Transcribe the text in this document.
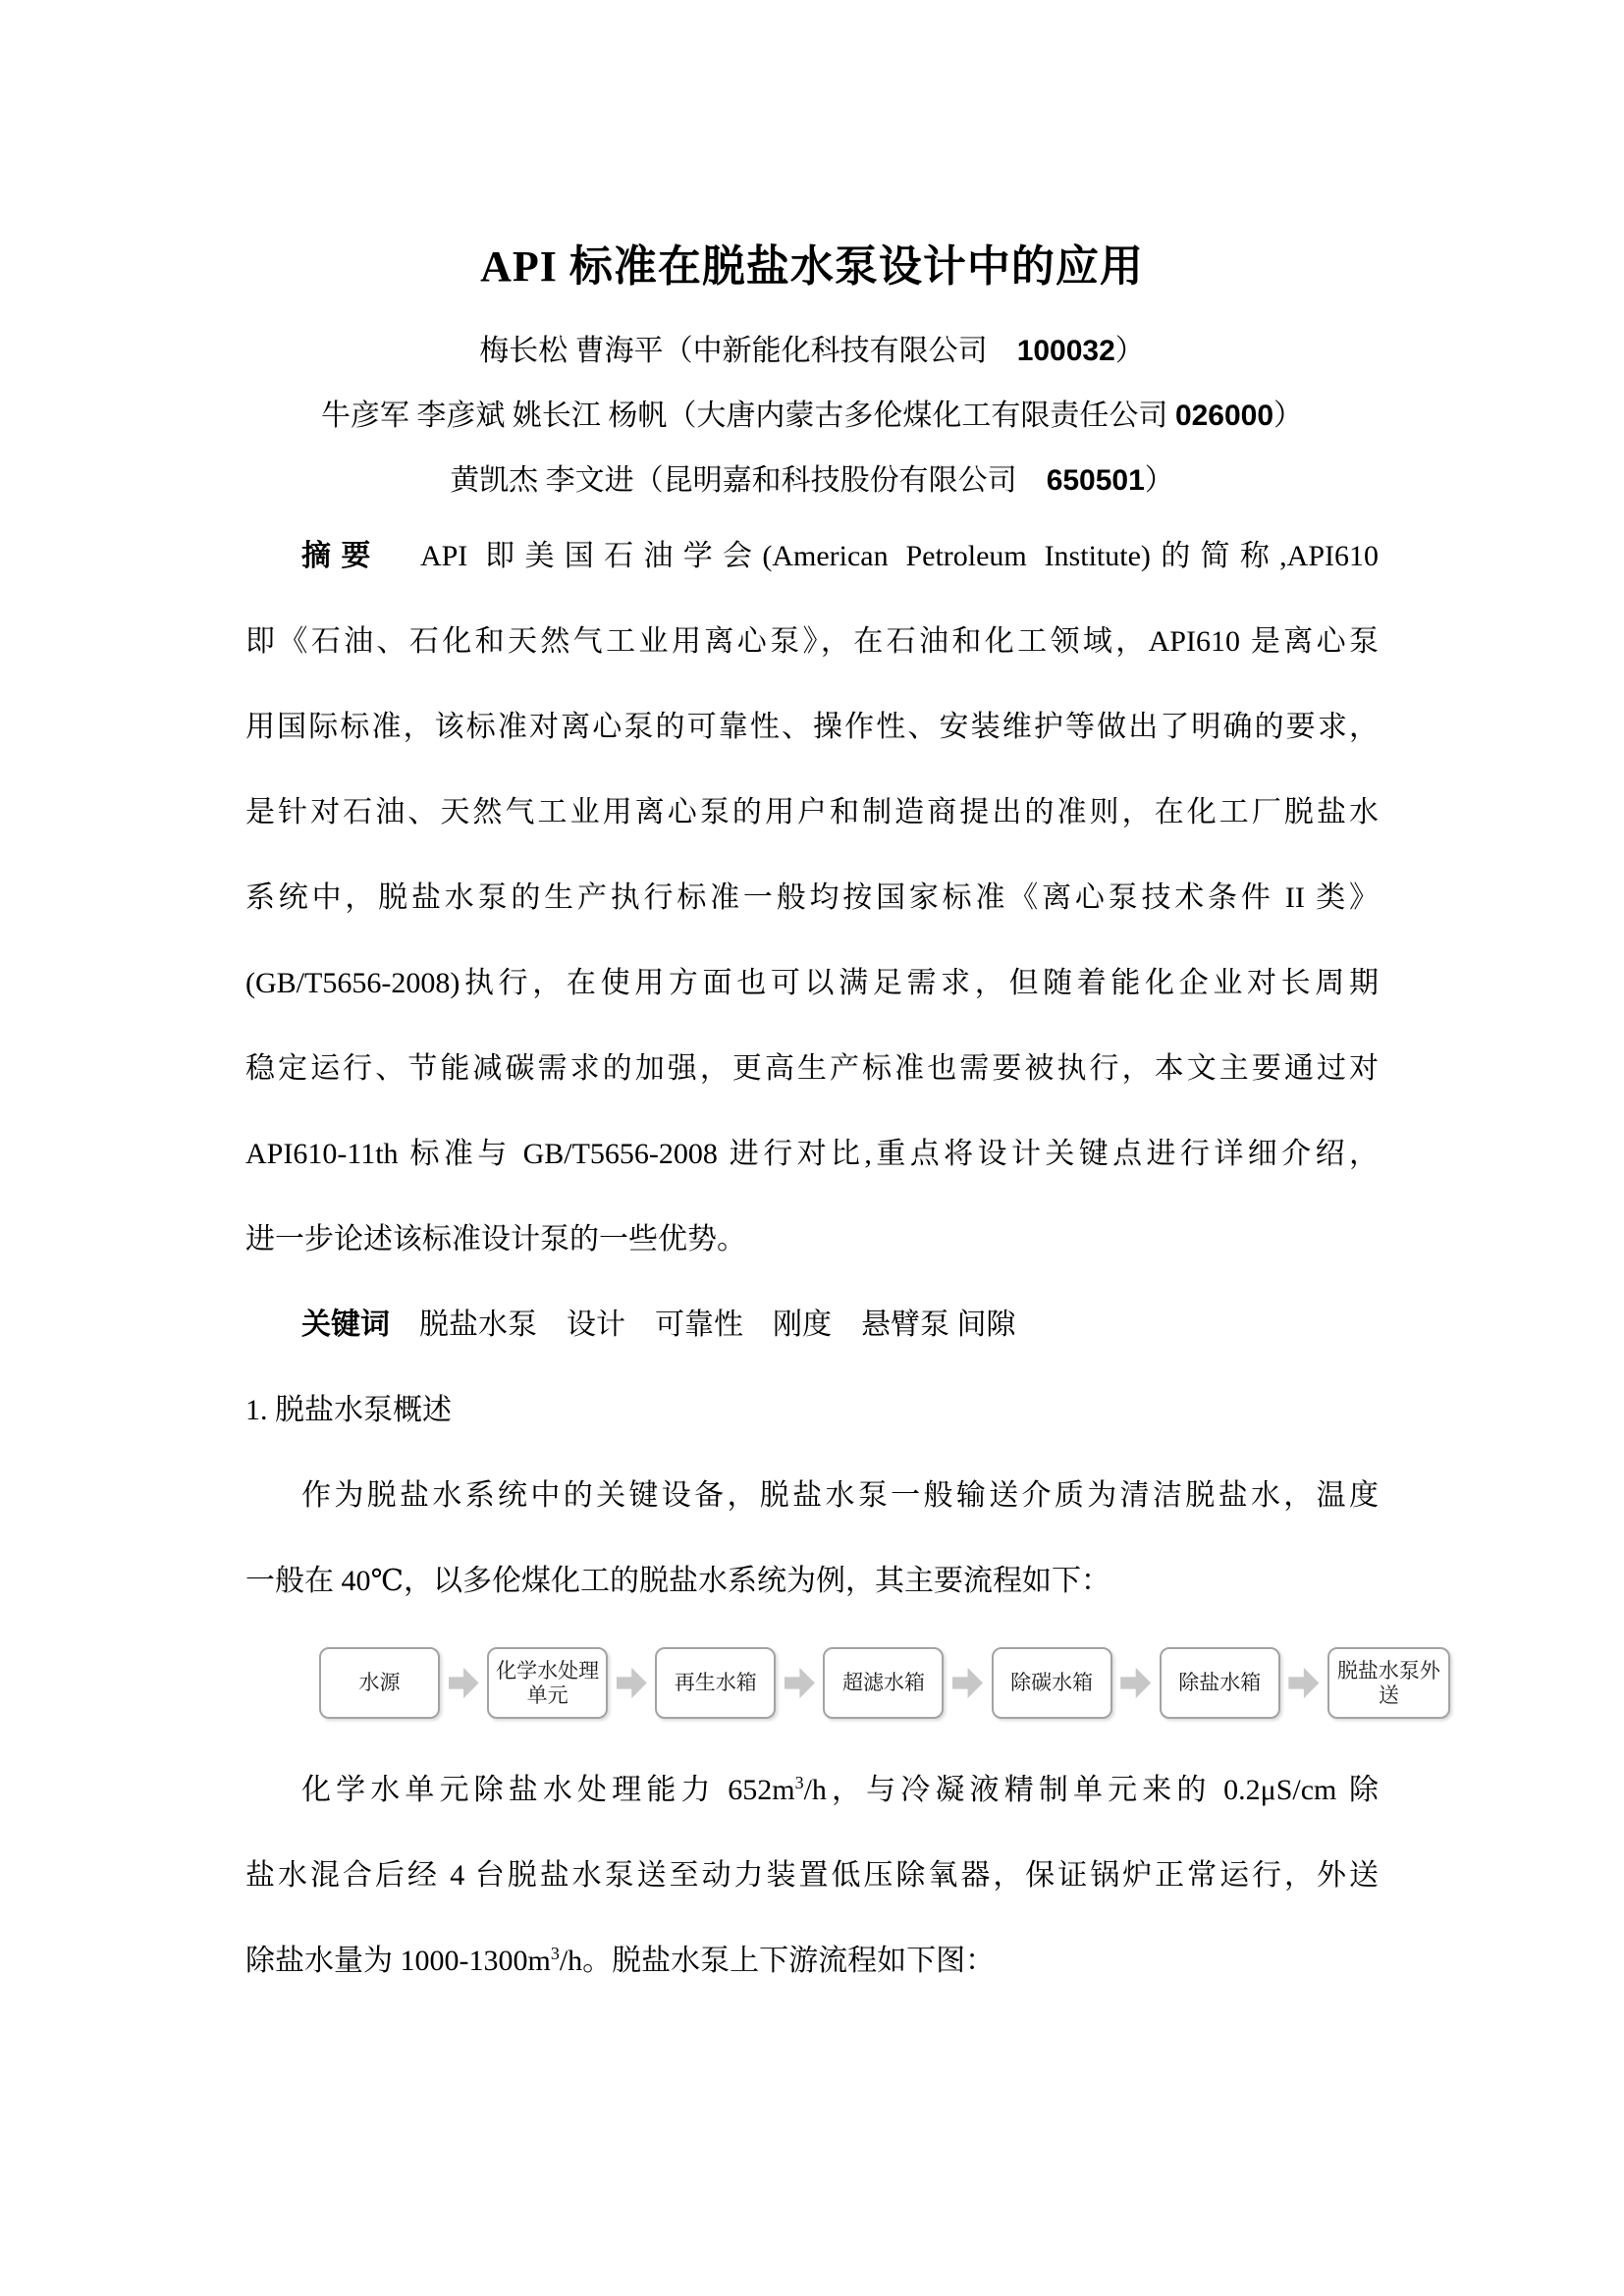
API 标准在脱盐水泵设计中的应用
梅长松 曹海平（中新能化科技有限公司　100032）
牛彦军 李彦斌 姚长江 杨帆（大唐内蒙古多伦煤化工有限责任公司 026000）
黄凯杰 李文进（昆明嘉和科技股份有限公司　650501）
摘要　API 即美国石油学会(American Petroleum Institute)的简称,API610
即《石油、石化和天然气工业用离心泵》，在石油和化工领域，API610 是离心泵
用国际标准，该标准对离心泵的可靠性、操作性、安装维护等做出了明确的要求，
是针对石油、天然气工业用离心泵的用户和制造商提出的准则，在化工厂脱盐水
系统中，脱盐水泵的生产执行标准一般均按国家标准《离心泵技术条件 II 类》
(GB/T5656-2008)执行，在使用方面也可以满足需求，但随着能化企业对长周期
稳定运行、节能减碳需求的加强，更高生产标准也需要被执行，本文主要通过对
API610-11th 标准与 GB/T5656-2008 进行对比,重点将设计关键点进行详细介绍，
进一步论述该标准设计泵的一些优势。
关键词　脱盐水泵　设计　可靠性　刚度　悬臂泵 间隙
1. 脱盐水泵概述
作为脱盐水系统中的关键设备，脱盐水泵一般输送介质为清洁脱盐水，温度
一般在 40℃，以多伦煤化工的脱盐水系统为例，其主要流程如下：
水源
化学水处理单元
再生水箱	超滤水箱	除碳水箱	除盐水箱
脱盐水泵外送
化学水单元除盐水处理能力 $652m^3/h$，与冷凝液精制单元来的 0.2μS/cm 除
盐水混合后经 4 台脱盐水泵送至动力装置低压除氧器，保证锅炉正常运行，外送
除盐水量为 $1000-1300m^3/h$。脱盐水泵上下游流程如下图：
